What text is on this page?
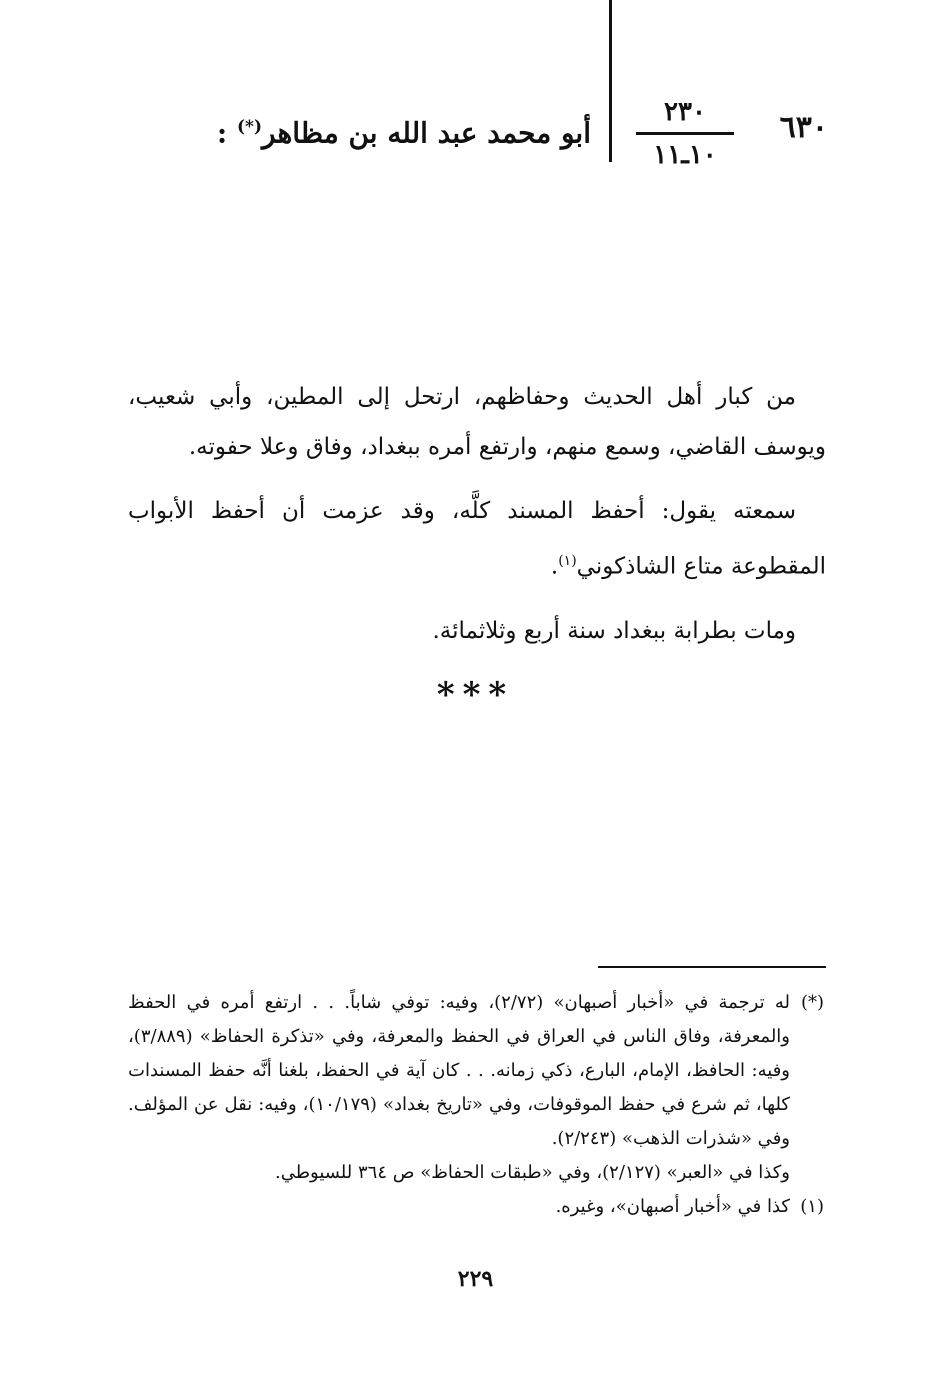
٦٣٠
٢٣٠
١٠ـ١١
أبو محمد عبد الله بن مظاهر(*) :

من كبار أهل الحديث وحفاظهم، ارتحل إلى المطين، وأبي شعيب، ويوسف القاضي، وسمع منهم، وارتفع أمره ببغداد، وفاق وعلا حفوته.

سمعته يقول: أحفظ المسند كلَّه، وقد عزمت أن أحفظ الأبواب المقطوعة متاع الشاذكوني$^{(١)}$.

ومات بطرابة ببغداد سنة أربع وثلاثمائة.

***
(*)

له ترجمة في «أخبار أصبهان» (٢/٧٢)، وفيه: توفي شاباً. . . ارتفع أمره في الحفظ والمعرفة، وفاق الناس في العراق في الحفظ والمعرفة، وفي «تذكرة الحفاظ» (٣/٨٨٩)، وفيه: الحافظ، الإمام، البارع، ذكي زمانه. . . كان آية في الحفظ، بلغنا أنَّه حفظ المسندات كلها، ثم شرع في حفظ الموقوفات، وفي «تاريخ بغداد» (١٠/١٧٩)، وفيه: نقل عن المؤلف. وفي «شذرات الذهب» (٢/٢٤٣).

وكذا في «العبر» (٢/١٢٧)، وفي «طبقات الحفاظ» ص ٣٦٤ للسيوطي.

(١)
كذا في «أخبار أصبهان»، وغيره.
٢٢٩
